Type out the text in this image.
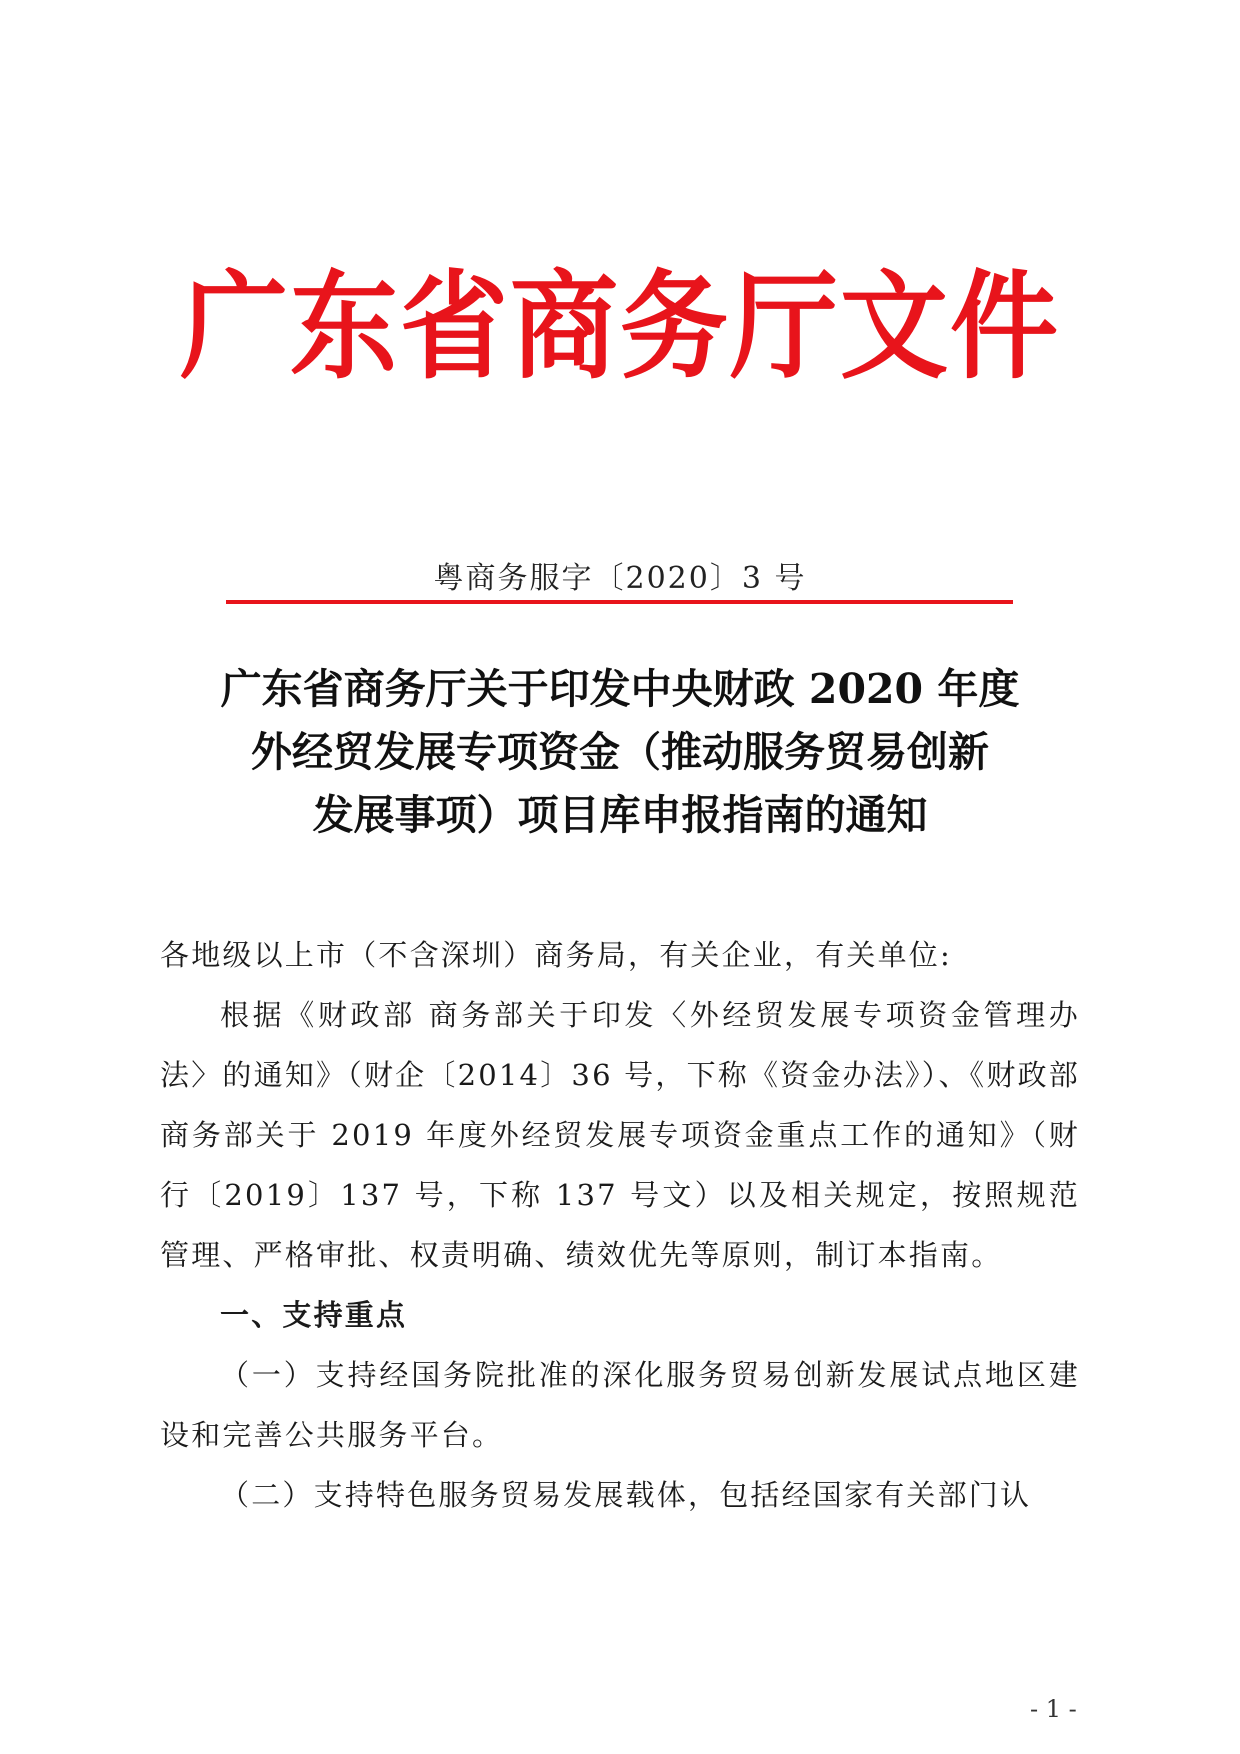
广东省商务厅文件
粤商务服字〔2020〕3 号
广东省商务厅关于印发中央财政 2020 年度
外经贸发展专项资金（推动服务贸易创新
发展事项）项目库申报指南的通知

各地级以上市（不含深圳）商务局，有关企业，有关单位:

根据《财政部 商务部关于印发〈外经贸发展专项资金管理办法〉的通知》（财企〔2014〕36 号，下称《资金办法》）、《财政部 商务部关于 2019 年度外经贸发展专项资金重点工作的通知》（财行〔2019〕137 号，下称 137 号文）以及相关规定，按照规范管理、严格审批、权责明确、绩效优先等原则，制订本指南。

一、支持重点

（一）支持经国务院批准的深化服务贸易创新发展试点地区建设和完善公共服务平台。

（二）支持特色服务贸易发展载体，包括经国家有关部门认

- 1 -
